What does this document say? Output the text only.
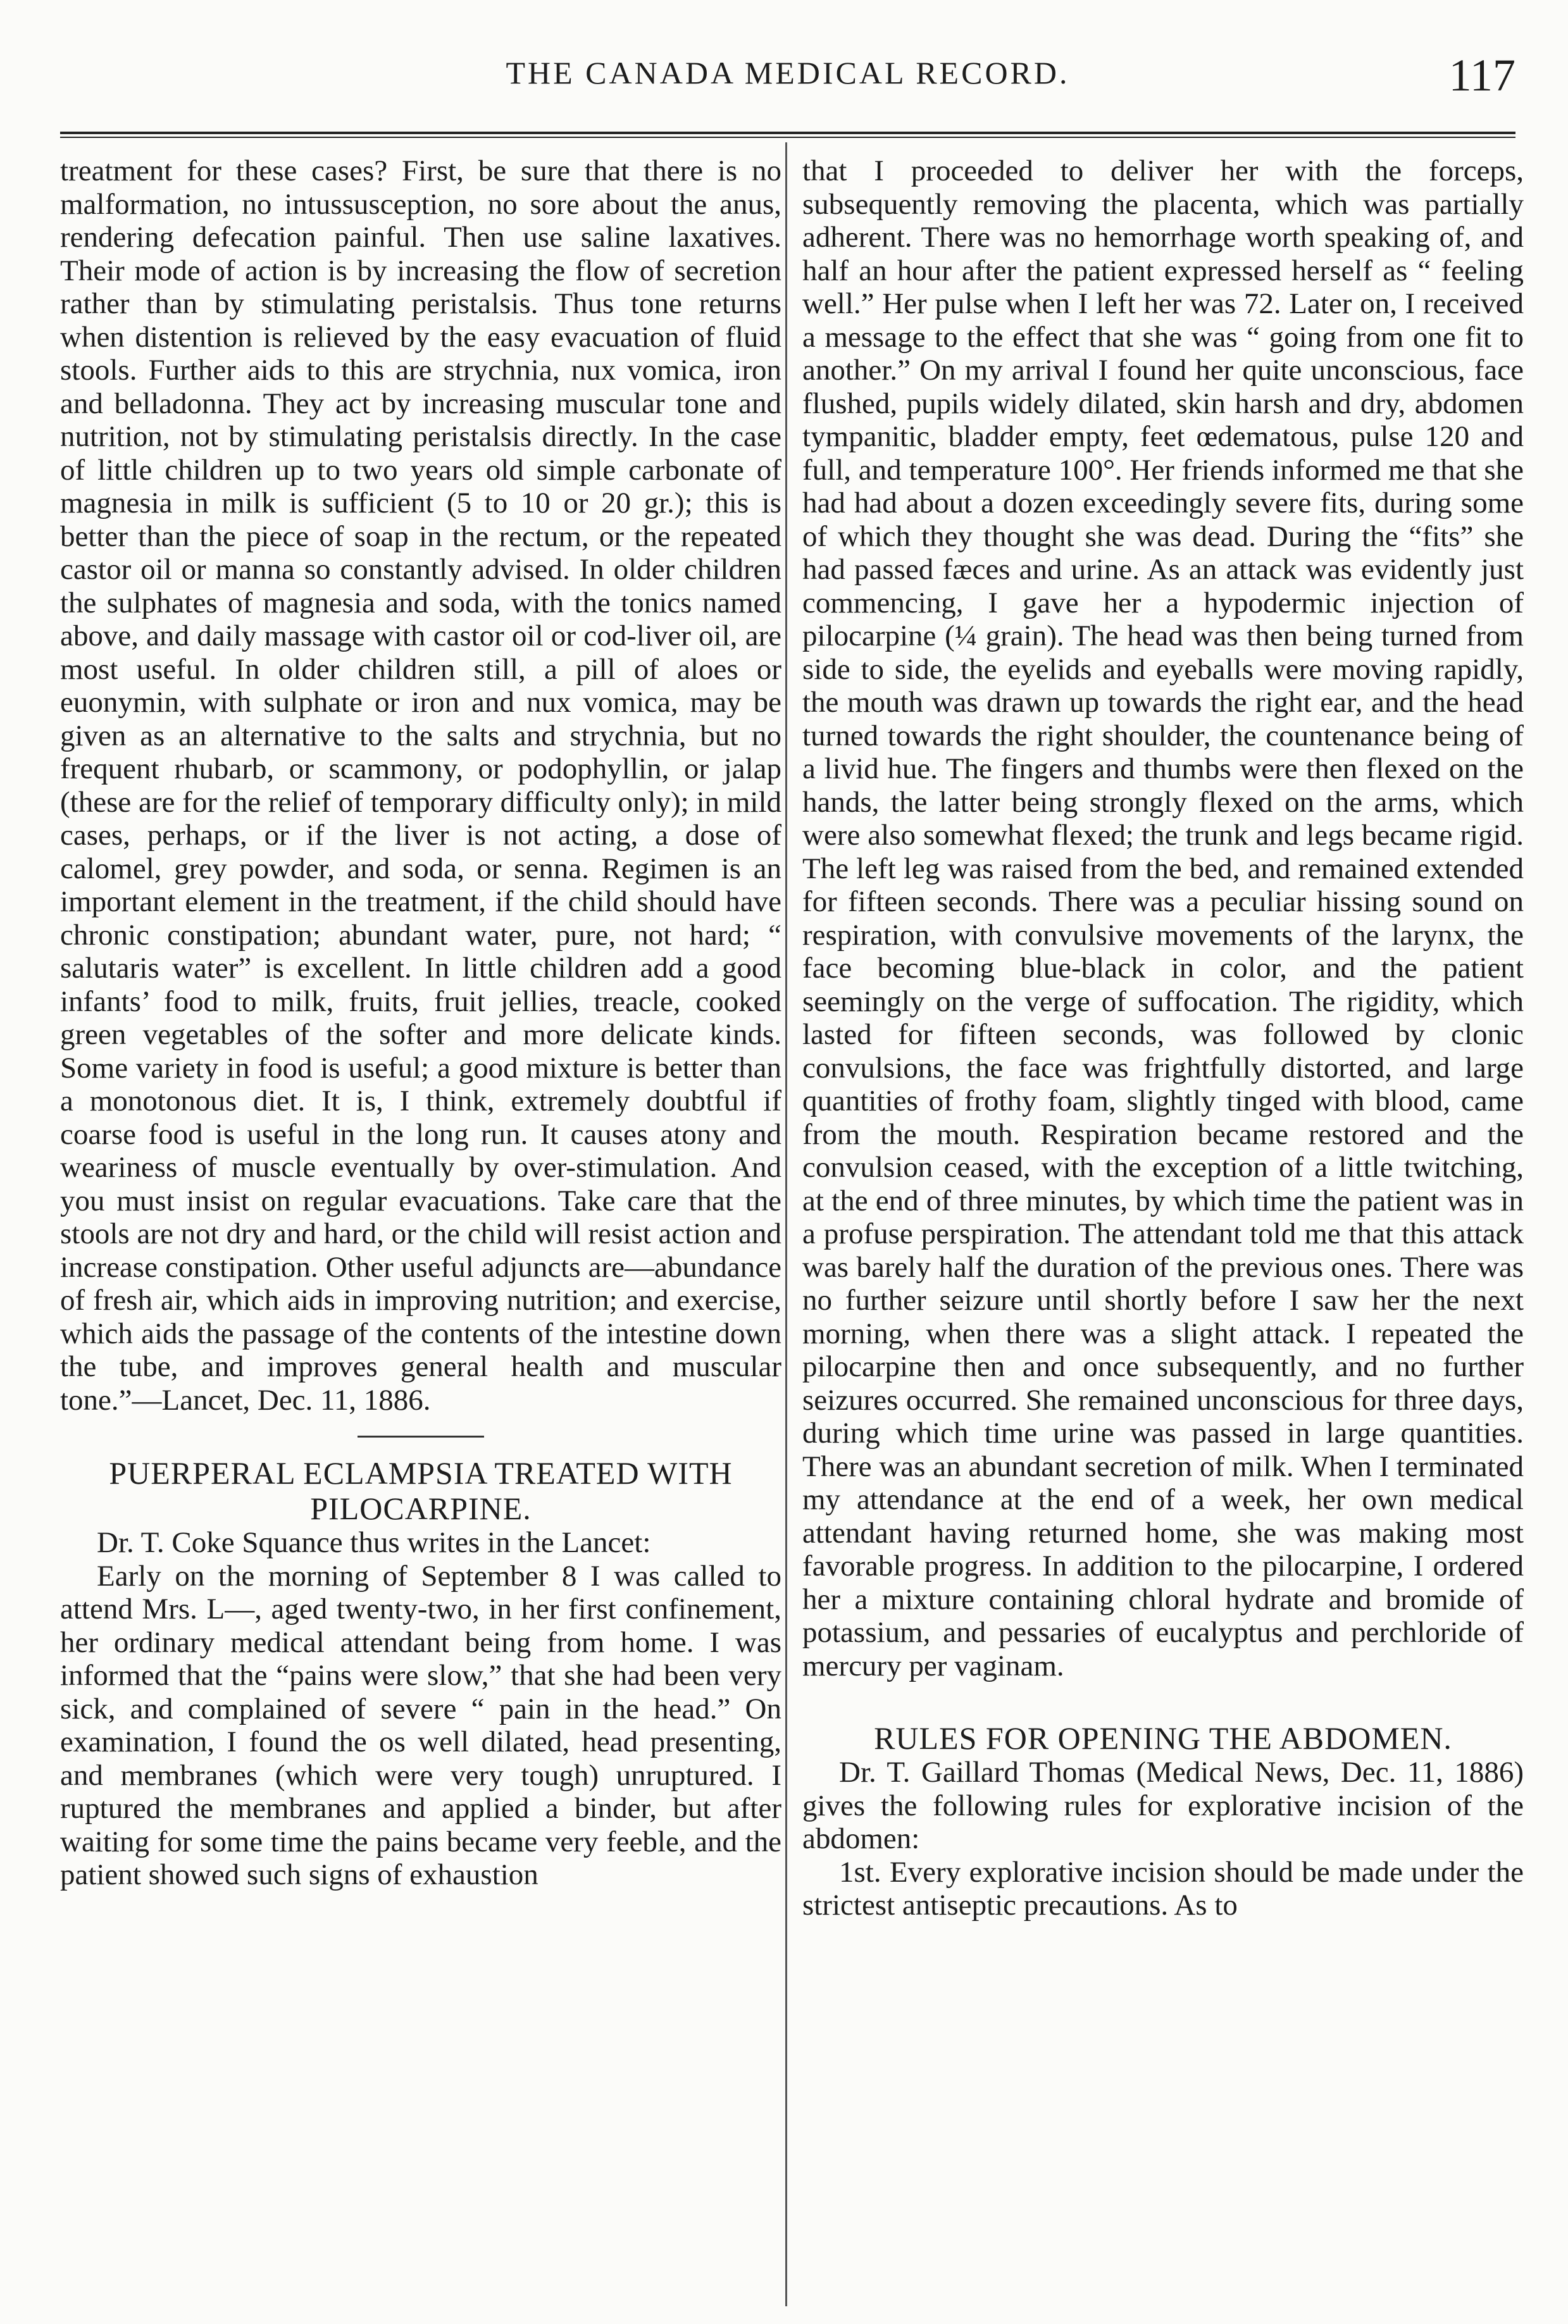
THE CANADA MEDICAL RECORD.	117

treatment for these cases? First, be sure that there is no malformation, no intussusception, no sore about the anus, rendering defecation painful. Then use saline laxatives. Their mode of action is by increasing the flow of secretion rather than by stimulating peristalsis. Thus tone returns when distention is relieved by the easy evacuation of fluid stools. Further aids to this are strychnia, nux vomica, iron and belladonna. They act by increasing muscular tone and nutrition, not by stimulating peristalsis directly. In the case of little children up to two years old simple carbonate of magnesia in milk is sufficient (5 to 10 or 20 gr.); this is better than the piece of soap in the rectum, or the repeated castor oil or manna so constantly advised. In older children the sulphates of magnesia and soda, with the tonics named above, and daily massage with castor oil or cod-liver oil, are most useful. In older children still, a pill of aloes or euonymin, with sulphate or iron and nux vomica, may be given as an alternative to the salts and strychnia, but no frequent rhubarb, or scammony, or podophyllin, or jalap (these are for the relief of temporary difficulty only); in mild cases, perhaps, or if the liver is not acting, a dose of calomel, grey powder, and soda, or senna. Regimen is an important element in the treatment, if the child should have chronic constipation; abundant water, pure, not hard; “ salutaris water” is excellent. In little children add a good infants’ food to milk, fruits, fruit jellies, treacle, cooked green vegetables of the softer and more delicate kinds. Some variety in food is useful; a good mixture is better than a monotonous diet. It is, I think, extremely doubtful if coarse food is useful in the long run. It causes atony and weariness of muscle eventually by over-stimulation. And you must insist on regular evacuations. Take care that the stools are not dry and hard, or the child will resist action and increase constipation. Other useful adjuncts are—abundance of fresh air, which aids in improving nutrition; and exercise, which aids the passage of the contents of the intestine down the tube, and improves general health and muscular tone.”—Lancet, Dec. 11, 1886.

PUERPERAL ECLAMPSIA TREATED WITH PILOCARPINE.

Dr. T. Coke Squance thus writes in the Lancet:

Early on the morning of September 8 I was called to attend Mrs. L—, aged twenty-two, in her first confinement, her ordinary medical attendant being from home. I was informed that the “pains were slow,” that she had been very sick, and complained of severe “ pain in the head.” On examination, I found the os well dilated, head presenting, and membranes (which were very tough) unruptured. I ruptured the membranes and applied a binder, but after waiting for some time the pains became very feeble, and the patient showed such signs of exhaustion

that I proceeded to deliver her with the forceps, subsequently removing the placenta, which was partially adherent. There was no hemorrhage worth speaking of, and half an hour after the patient expressed herself as “ feeling well.” Her pulse when I left her was 72. Later on, I received a message to the effect that she was “ going from one fit to another.” On my arrival I found her quite unconscious, face flushed, pupils widely dilated, skin harsh and dry, abdomen tympanitic, bladder empty, feet œdematous, pulse 120 and full, and temperature 100°. Her friends informed me that she had had about a dozen exceedingly severe fits, during some of which they thought she was dead. During the “fits” she had passed fæces and urine. As an attack was evidently just commencing, I gave her a hypodermic injection of pilocarpine (¼ grain). The head was then being turned from side to side, the eyelids and eyeballs were moving rapidly, the mouth was drawn up towards the right ear, and the head turned towards the right shoulder, the countenance being of a livid hue. The fingers and thumbs were then flexed on the hands, the latter being strongly flexed on the arms, which were also somewhat flexed; the trunk and legs became rigid. The left leg was raised from the bed, and remained extended for fifteen seconds. There was a peculiar hissing sound on respiration, with convulsive movements of the larynx, the face becoming blue-black in color, and the patient seemingly on the verge of suffocation. The rigidity, which lasted for fifteen seconds, was followed by clonic convulsions, the face was frightfully distorted, and large quantities of frothy foam, slightly tinged with blood, came from the mouth. Respiration became restored and the convulsion ceased, with the exception of a little twitching, at the end of three minutes, by which time the patient was in a profuse perspiration. The attendant told me that this attack was barely half the duration of the previous ones. There was no further seizure until shortly before I saw her the next morning, when there was a slight attack. I repeated the pilocarpine then and once subsequently, and no further seizures occurred. She remained unconscious for three days, during which time urine was passed in large quantities. There was an abundant secretion of milk. When I terminated my attendance at the end of a week, her own medical attendant having returned home, she was making most favorable progress. In addition to the pilocarpine, I ordered her a mixture containing chloral hydrate and bromide of potassium, and pessaries of eucalyptus and perchloride of mercury per vaginam.

RULES FOR OPENING THE ABDOMEN.

Dr. T. Gaillard Thomas (Medical News, Dec. 11, 1886) gives the following rules for explorative incision of the abdomen:

1st. Every explorative incision should be made under the strictest antiseptic precautions. As to
